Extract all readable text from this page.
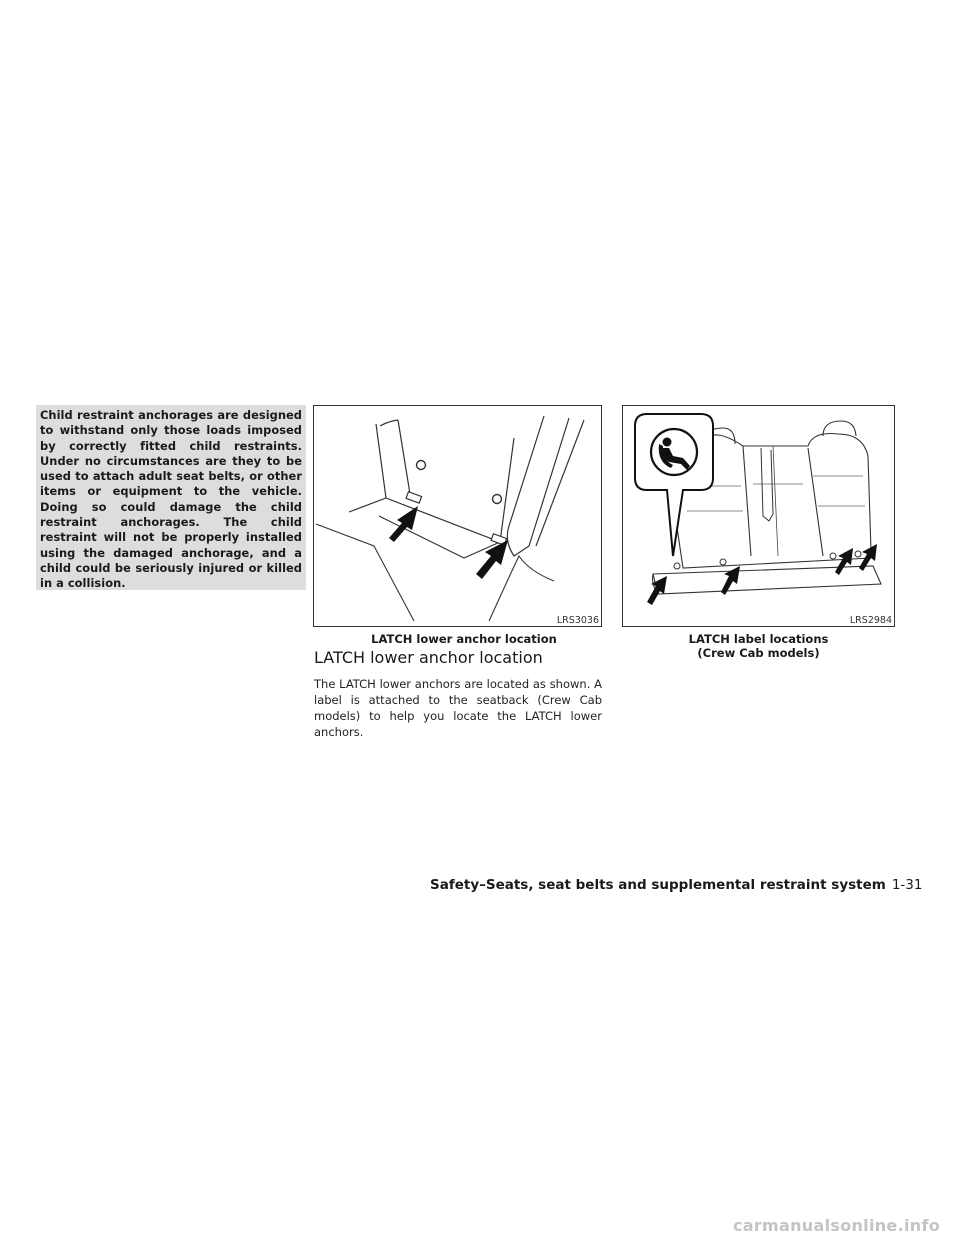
Child restraint anchorages are designed to withstand only those loads imposed by correctly fitted child restraints. Under no circumstances are they to be used to attach adult seat belts, or other items or equipment to the vehicle. Doing so could damage the child restraint anchorages. The child restraint will not be properly installed using the damaged anchorage, and a child could be seriously injured or killed in a collision.

LRS3036	LRS2984
LATCH lower anchor location	LATCH label locations
(Crew Cab models)
LATCH lower anchor location
The LATCH lower anchors are located as shown. A label is attached to the seatback (Crew Cab models) to help you locate the LATCH lower anchors.
Safety–Seats, seat belts and supplemental restraint system 1-31
carmanualsonline.info
